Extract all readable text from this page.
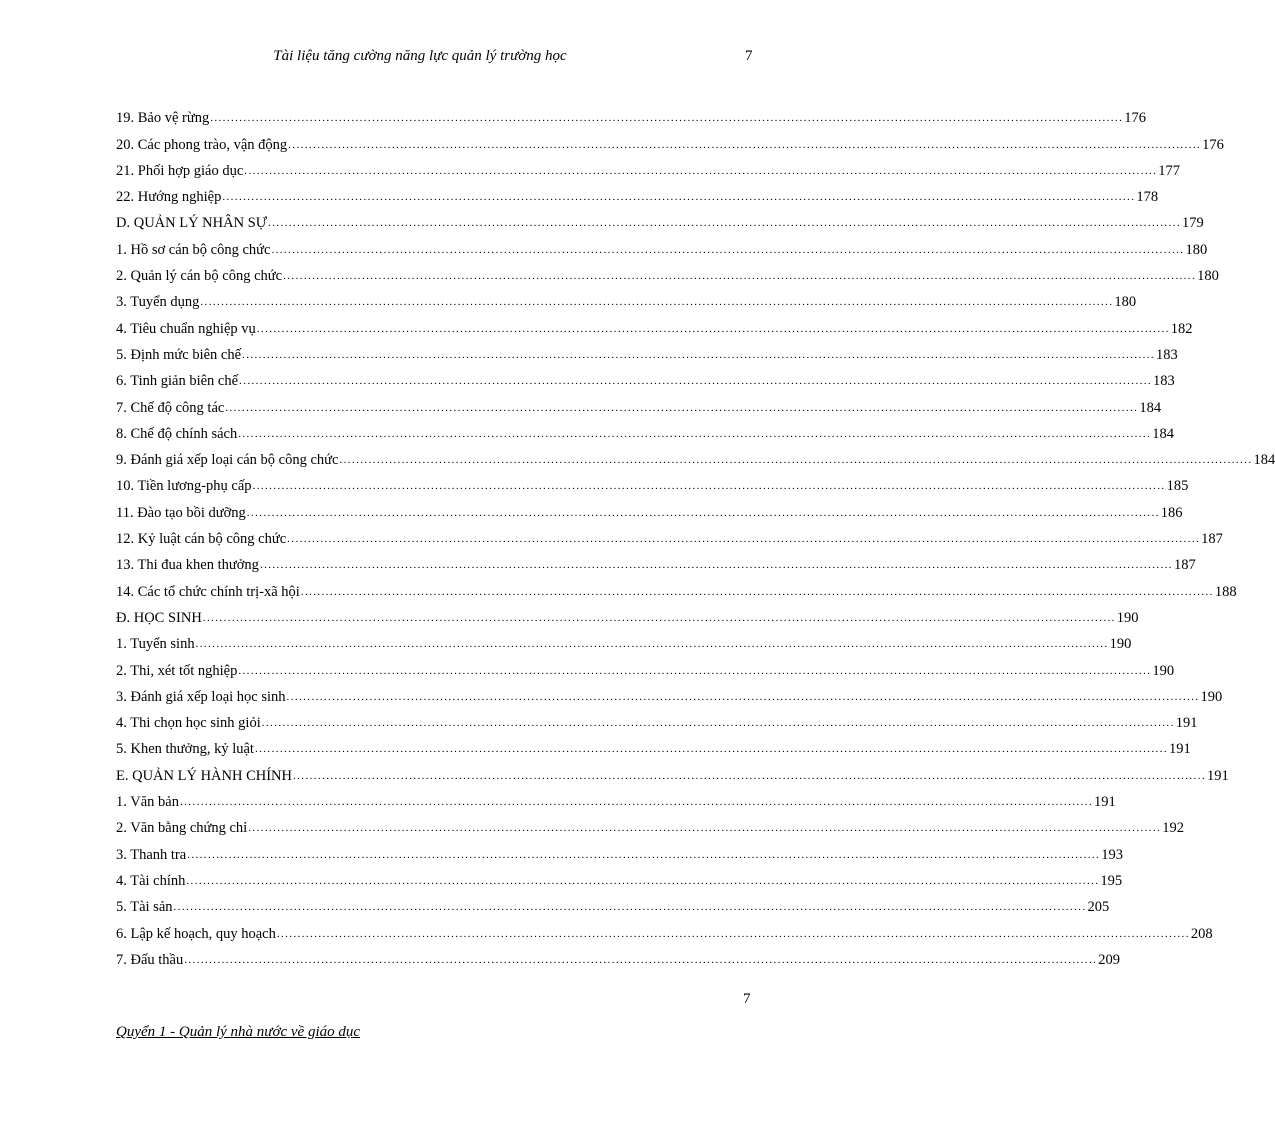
Tài liệu tăng cường năng lực quản lý trường học	7
19. Bảo vệ rừng ............................................................................................................................................................................................................................ 176
20. Các phong trào, vận động ............................................................................................................................................................................................................................ 176
21. Phối hợp giáo dục ............................................................................................................................................................................................................................ 177
22. Hướng nghiệp ............................................................................................................................................................................................................................ 178
D. QUẢN LÝ NHÂN SỰ ............................................................................................................................................................................................................................ 179
1. Hồ sơ cán bộ công chức ............................................................................................................................................................................................................................ 180
2. Quản lý cán bộ công chức ............................................................................................................................................................................................................................ 180
3. Tuyển dụng ............................................................................................................................................................................................................................ 180
4. Tiêu chuẩn nghiệp vụ ............................................................................................................................................................................................................................ 182
5. Định mức biên chế ............................................................................................................................................................................................................................ 183
6. Tinh giản biên chế ............................................................................................................................................................................................................................ 183
7. Chế độ công tác ............................................................................................................................................................................................................................ 184
8. Chế độ chính sách ............................................................................................................................................................................................................................ 184
9. Đánh giá xếp loại cán bộ công chức ............................................................................................................................................................................................................................ 184
10. Tiền lương-phụ cấp ............................................................................................................................................................................................................................ 185
11. Đào tạo bồi dưỡng ............................................................................................................................................................................................................................ 186
12. Kỷ luật cán bộ công chức ............................................................................................................................................................................................................................ 187
13. Thi đua khen thưởng ............................................................................................................................................................................................................................ 187
14. Các tổ chức chính trị-xã hội ............................................................................................................................................................................................................................ 188
Đ. HỌC SINH ............................................................................................................................................................................................................................ 190
1. Tuyển sinh ............................................................................................................................................................................................................................ 190
2. Thi, xét tốt nghiệp ............................................................................................................................................................................................................................ 190
3. Đánh giá xếp loại học sinh ............................................................................................................................................................................................................................ 190
4. Thi chọn học sinh giỏi ............................................................................................................................................................................................................................ 191
5. Khen thưởng, kỷ luật ............................................................................................................................................................................................................................ 191
E. QUẢN LÝ HÀNH CHÍNH ............................................................................................................................................................................................................................ 191
1. Văn bản ............................................................................................................................................................................................................................ 191
2. Văn bằng chứng chỉ ............................................................................................................................................................................................................................ 192
3. Thanh tra ............................................................................................................................................................................................................................ 193
4. Tài chính ............................................................................................................................................................................................................................ 195
5. Tài sản ............................................................................................................................................................................................................................ 205
6. Lập kế hoạch, quy hoạch ............................................................................................................................................................................................................................ 208
7. Đấu thầu ............................................................................................................................................................................................................................ 209
7
Quyển 1 - Quản lý nhà nước về giáo dục
